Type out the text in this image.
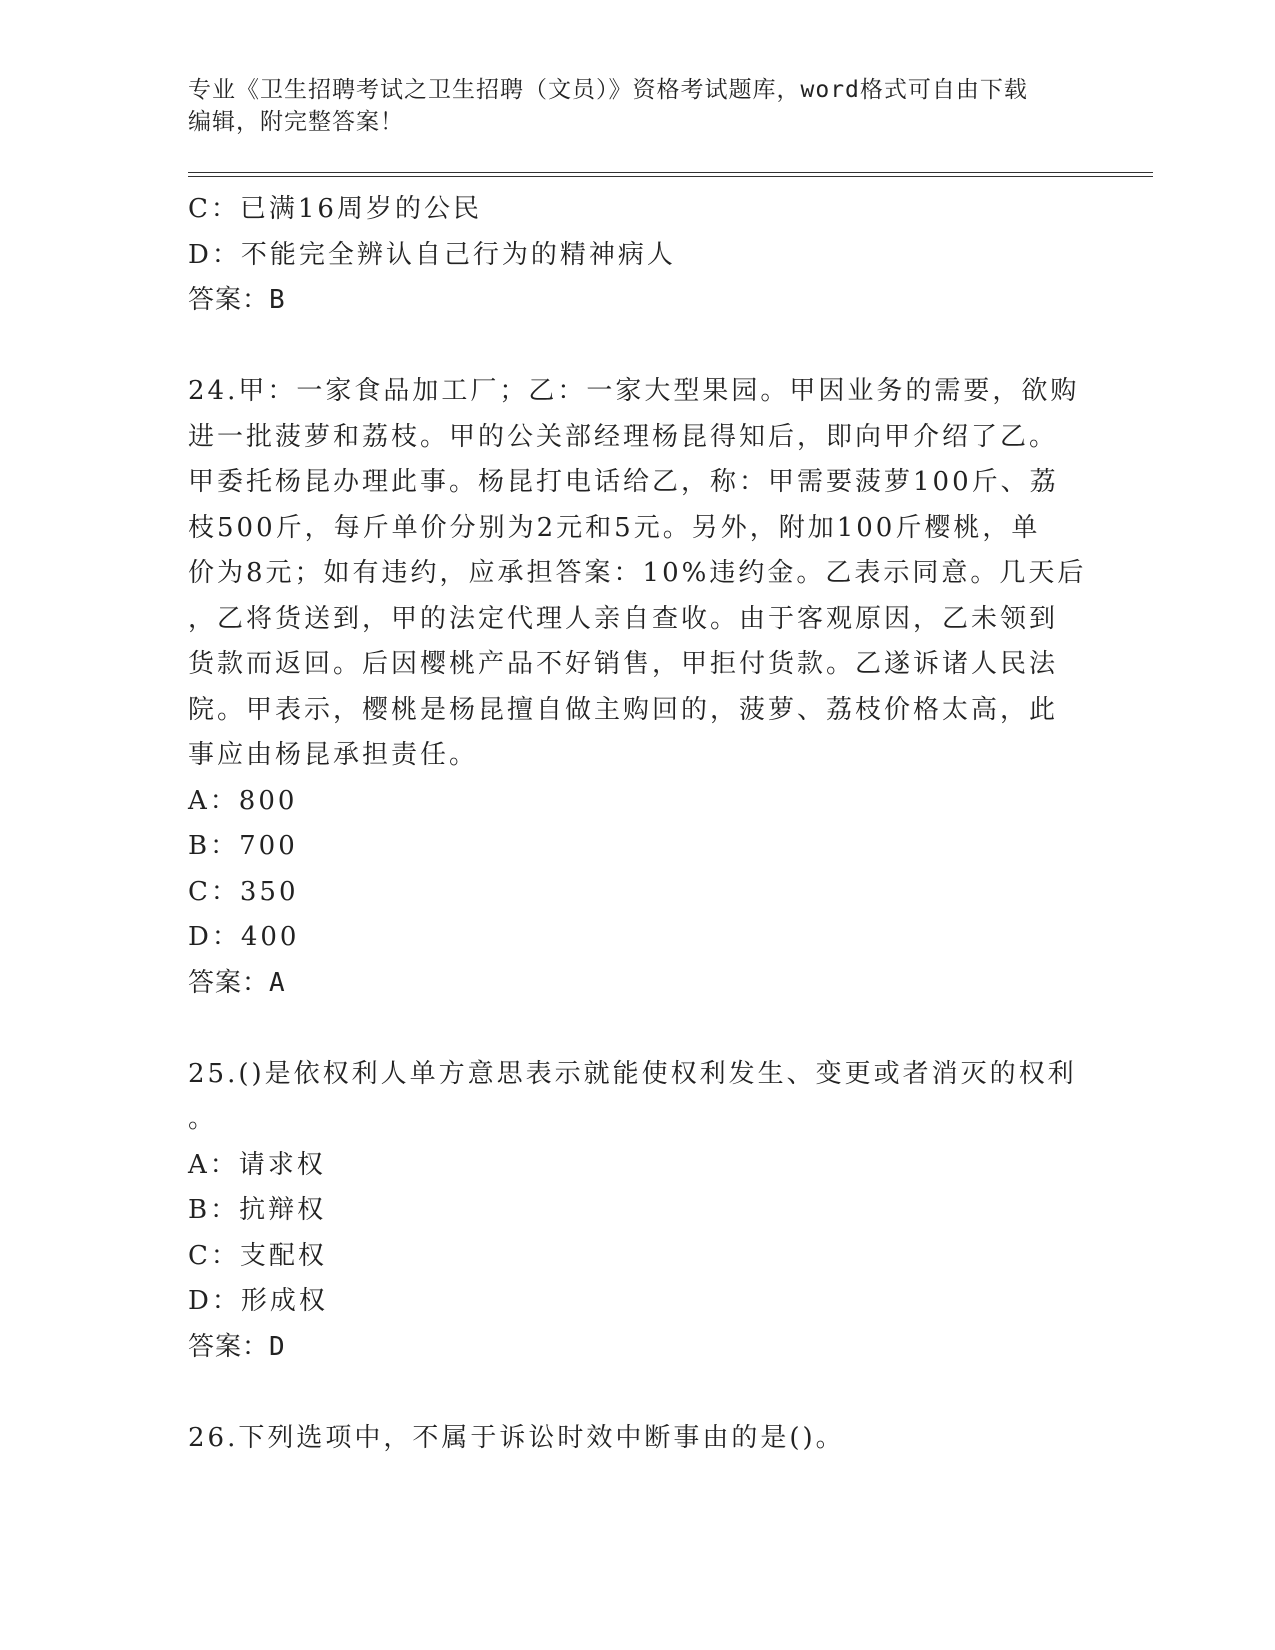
专业《卫生招聘考试之卫生招聘（文员）》资格考试题库，word格式可自由下载
编辑，附完整答案！
C：已满16周岁的公民
D：不能完全辨认自己行为的精神病人
答案：B
24.甲：一家食品加工厂；乙：一家大型果园。甲因业务的需要，欲购
进一批菠萝和荔枝。甲的公关部经理杨昆得知后，即向甲介绍了乙。
甲委托杨昆办理此事。杨昆打电话给乙，称：甲需要菠萝100斤、荔
枝500斤，每斤单价分别为2元和5元。另外，附加100斤樱桃，单
价为8元；如有违约，应承担答案：10%违约金。乙表示同意。几天后
，乙将货送到，甲的法定代理人亲自查收。由于客观原因，乙未领到
货款而返回。后因樱桃产品不好销售，甲拒付货款。乙遂诉诸人民法
院。甲表示，樱桃是杨昆擅自做主购回的，菠萝、荔枝价格太高，此
事应由杨昆承担责任。
A：800
B：700
C：350
D：400
答案：A
25.()是依权利人单方意思表示就能使权利发生、变更或者消灭的权利
。
A：请求权
B：抗辩权
C：支配权
D：形成权
答案：D
26.下列选项中，不属于诉讼时效中断事由的是()。
